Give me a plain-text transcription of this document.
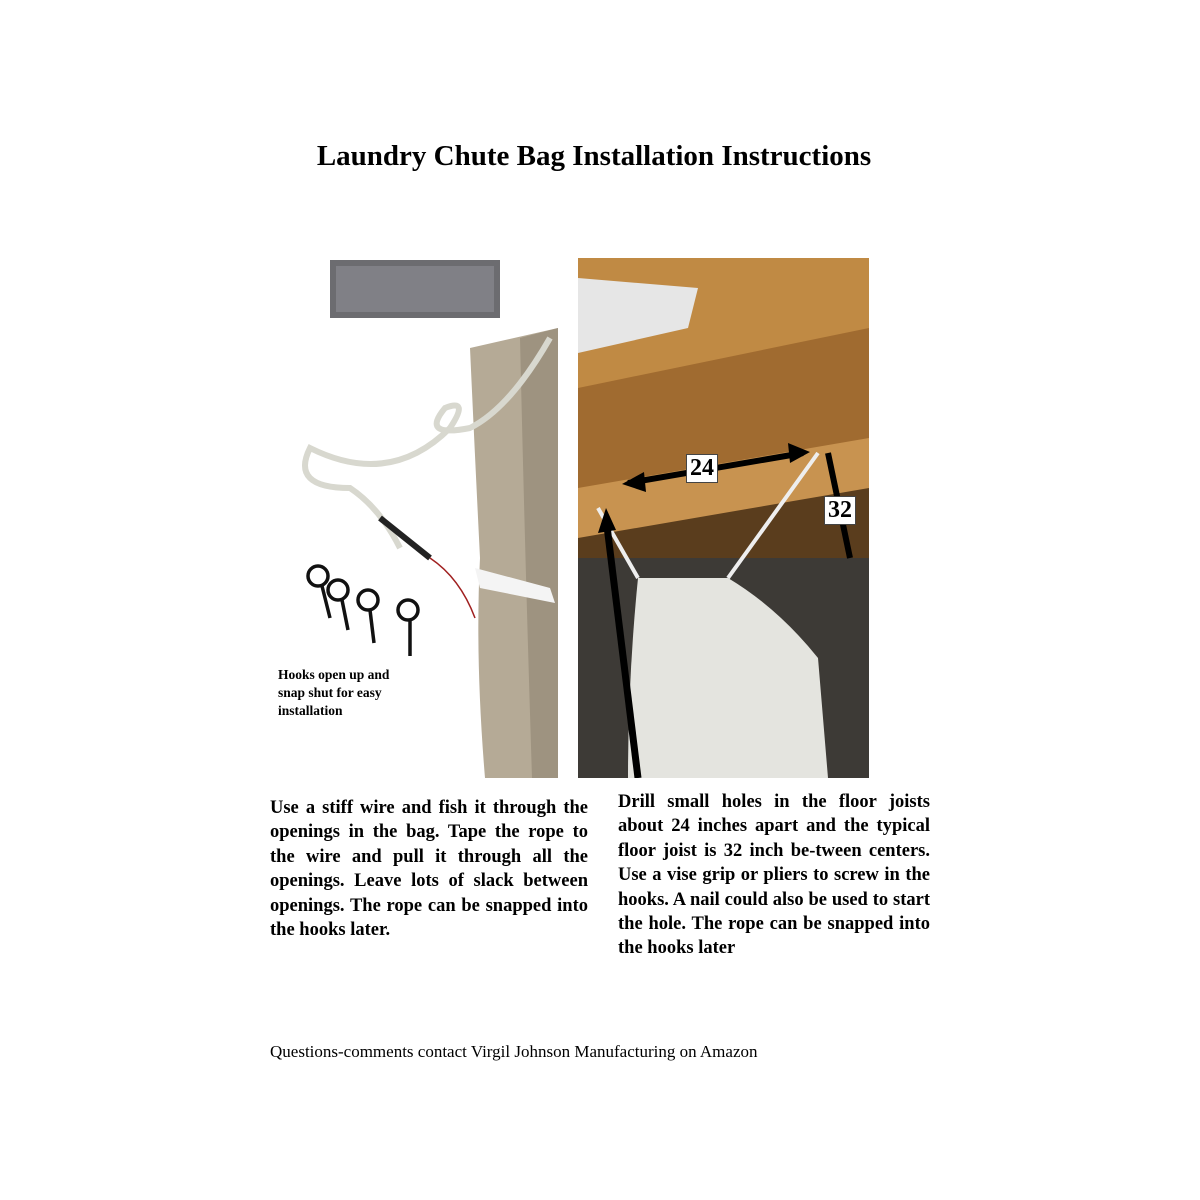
Laundry Chute Bag Installation Instructions
Hooks open up and snap shut for easy installation
24
32
Use a stiff wire and fish it through the openings in the bag. Tape the rope to the wire and pull it through all the openings. Leave lots of slack between openings. The rope can be snapped into the hooks later.
Drill small holes in the floor joists about 24 inches apart and the typical floor joist is 32 inch be-tween centers. Use a vise grip or pliers to screw in the hooks. A nail could also be used to start the hole. The rope can be snapped into the hooks later
Questions-comments contact Virgil Johnson Manufacturing on Amazon
